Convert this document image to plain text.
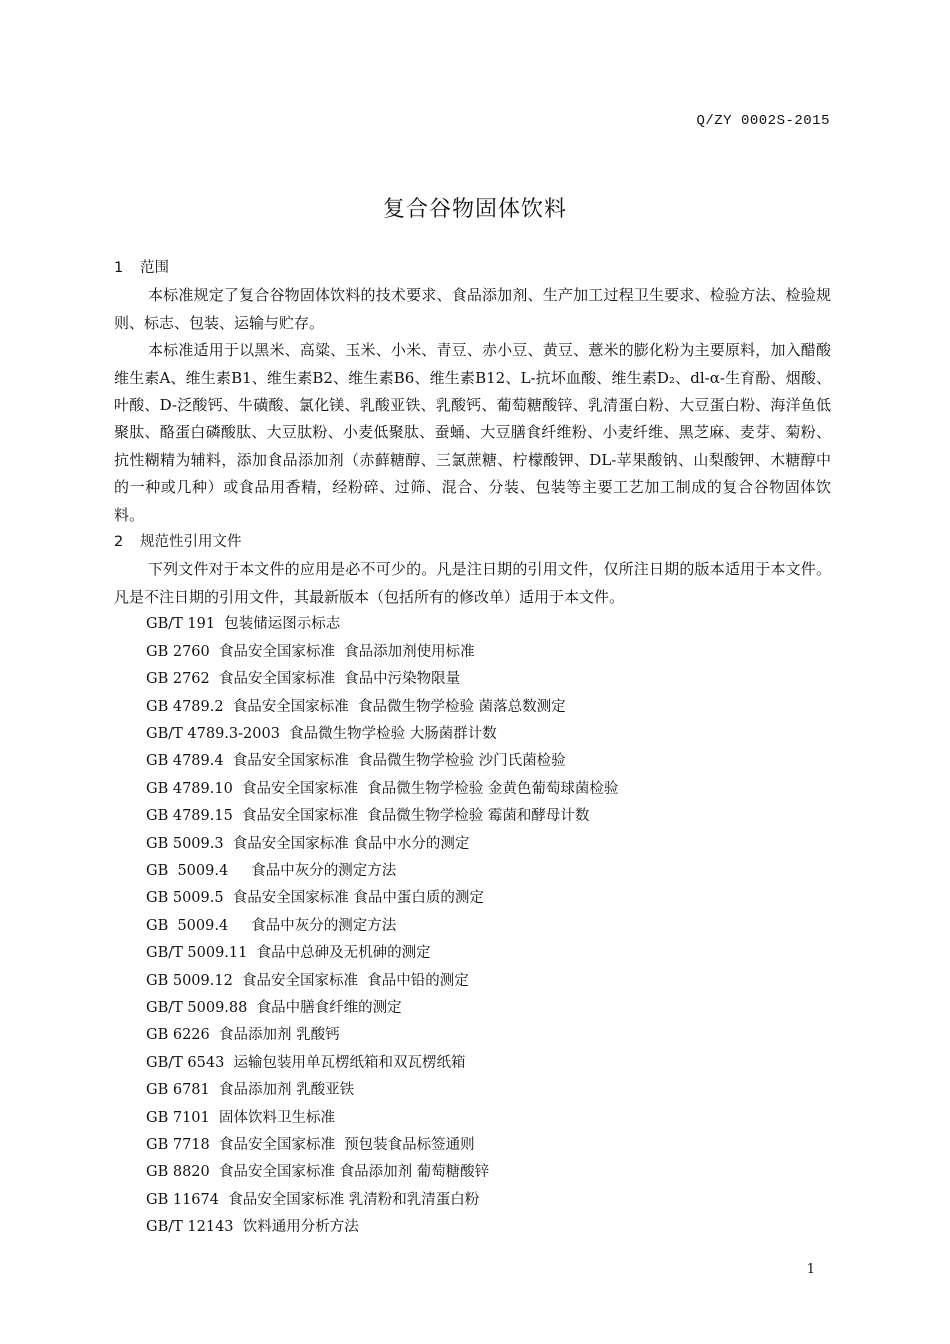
Q/ZY 0002S-2015
复合谷物固体饮料
1 范围

本标准规定了复合谷物固体饮料的技术要求、食品添加剂、生产加工过程卫生要求、检验方法、检验规则、标志、包装、运输与贮存。

本标准适用于以黑米、高粱、玉米、小米、青豆、赤小豆、黄豆、薏米的膨化粉为主要原料，加入醋酸维生素A、维生素B1、维生素B2、维生素B6、维生素B12、L-抗坏血酸、维生素D₂、dl-α-生育酚、烟酸、叶酸、D-泛酸钙、牛磺酸、氯化镁、乳酸亚铁、乳酸钙、葡萄糖酸锌、乳清蛋白粉、大豆蛋白粉、海洋鱼低聚肽、酪蛋白磷酸肽、大豆肽粉、小麦低聚肽、蚕蛹、大豆膳食纤维粉、小麦纤维、黑芝麻、麦芽、菊粉、抗性糊精为辅料，添加食品添加剂（赤藓糖醇、三氯蔗糖、柠檬酸钾、DL-苹果酸钠、山梨酸钾、木糖醇中的一种或几种）或食品用香精，经粉碎、过筛、混合、分装、包装等主要工艺加工制成的复合谷物固体饮料。

2 规范性引用文件

下列文件对于本文件的应用是必不可少的。凡是注日期的引用文件，仅所注日期的版本适用于本文件。凡是不注日期的引用文件，其最新版本（包括所有的修改单）适用于本文件。

GB/T 191  包装储运图示标志
GB 2760  食品安全国家标准  食品添加剂使用标准
GB 2762  食品安全国家标准  食品中污染物限量
GB 4789.2  食品安全国家标准  食品微生物学检验 菌落总数测定
GB/T 4789.3-2003  食品微生物学检验 大肠菌群计数
GB 4789.4  食品安全国家标准  食品微生物学检验 沙门氏菌检验
GB 4789.10  食品安全国家标准  食品微生物学检验 金黄色葡萄球菌检验
GB 4789.15  食品安全国家标准  食品微生物学检验 霉菌和酵母计数
GB 5009.3  食品安全国家标准 食品中水分的测定
GB  5009.4     食品中灰分的测定方法
GB 5009.5  食品安全国家标准 食品中蛋白质的测定
GB  5009.4     食品中灰分的测定方法
GB/T 5009.11  食品中总砷及无机砷的测定
GB 5009.12  食品安全国家标准  食品中铅的测定
GB/T 5009.88  食品中膳食纤维的测定
GB 6226  食品添加剂 乳酸钙
GB/T 6543  运输包装用单瓦楞纸箱和双瓦楞纸箱
GB 6781  食品添加剂 乳酸亚铁
GB 7101  固体饮料卫生标准
GB 7718  食品安全国家标准  预包装食品标签通则
GB 8820  食品安全国家标准 食品添加剂 葡萄糖酸锌
GB 11674  食品安全国家标准 乳清粉和乳清蛋白粉
GB/T 12143  饮料通用分析方法
1
